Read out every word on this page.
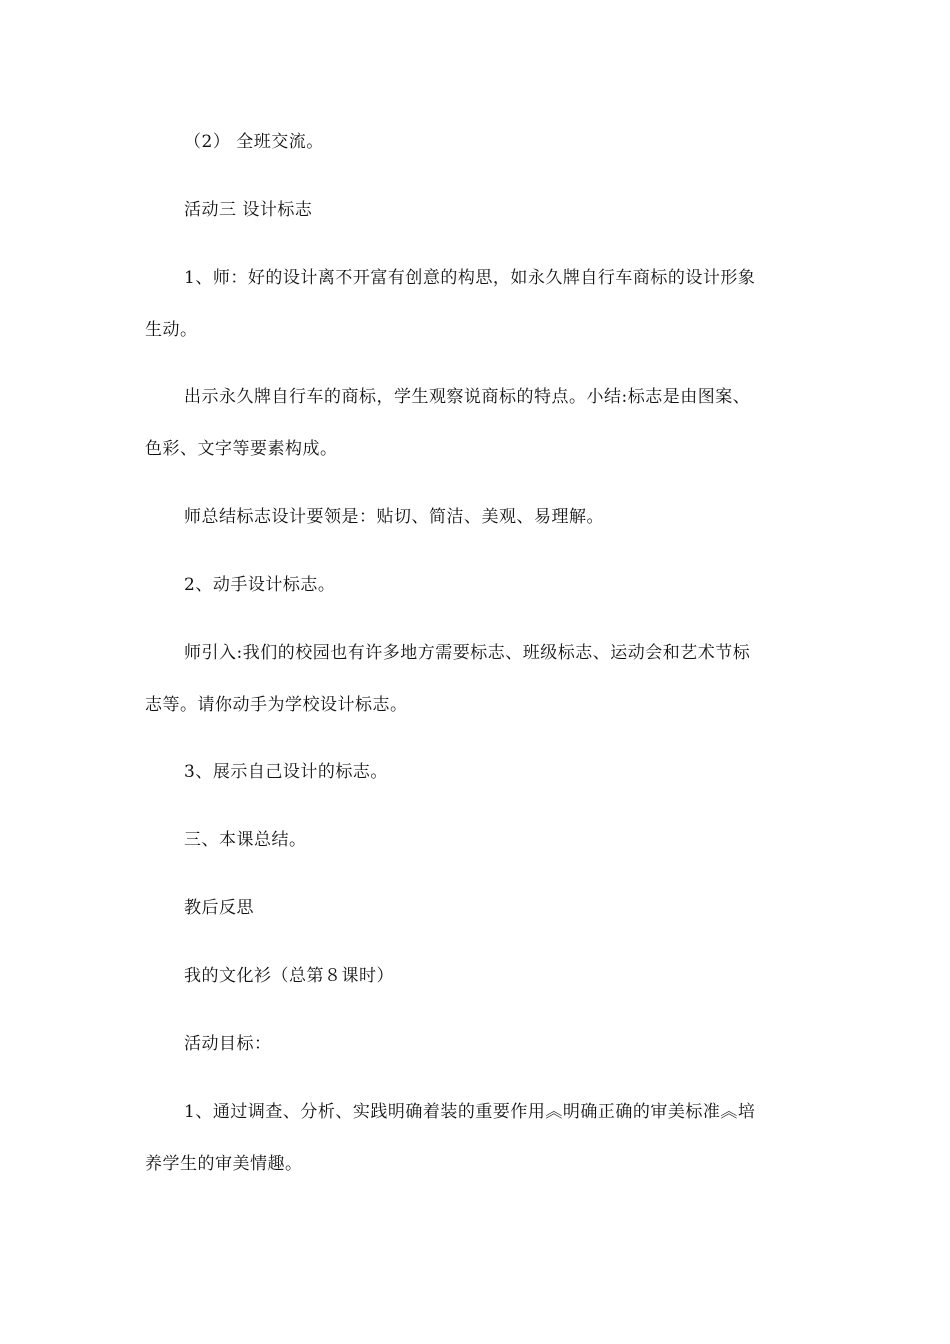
（2） 全班交流。
活动三 设计标志
1、师：好的设计离不开富有创意的构思，如永久牌自行车商标的设计形象
生动。
出示永久牌自行车的商标，学生观察说商标的特点。小结:标志是由图案、
色彩、文字等要素构成。
师总结标志设计要领是：贴切、简洁、美观、易理解。
2、动手设计标志。
师引入:我们的校园也有许多地方需要标志、班级标志、运动会和艺术节标
志等。请你动手为学校设计标志。
3、展示自己设计的标志。
三、本课总结。
教后反思
我的文化衫（总第８课时）
活动目标：
1、通过调查、分析、实践明确着装的重要作用︽明确正确的审美标准︽培
养学生的审美情趣。
